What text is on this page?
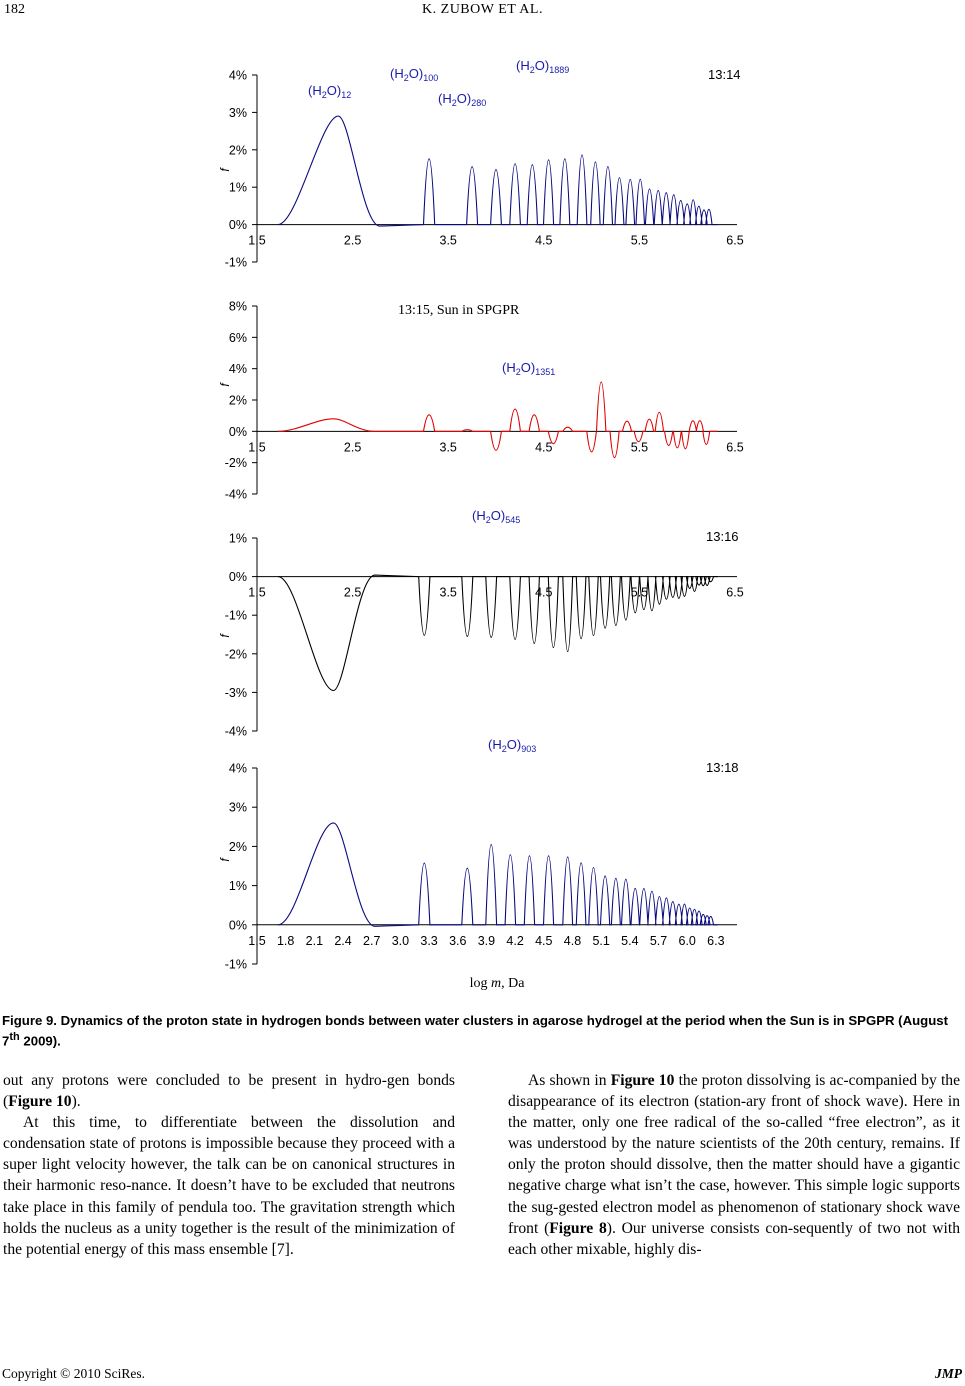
182	K. ZUBOW ET AL.
4%
3%
2%
1%
0%
-1%
1.5	2.5	3.5	4.5	5.5	6.5
f
13:14
$(H_2O)_{12}$
$(H_2O)_{100}$
$(H_2O)_{280}$
$(H_2O)_{1889}$
8%
6%
4%
2%
0%
-2%
-4%
1.5	2.5	3.5	4.5	5.5	6.5
f
13:15, Sun in SPGPR
$(H_2O)_{1351}$
$(H_2O)_{545}$
1%
0%
-1%
-2%
-3%
-4%
1.5	2.5	3.5	4.5	5.5	6.5
f
13:16
4%
3%
2%
1%
0%
-1%
1.5 1.8 2.1 2.4 2.7 3.0 3.3 3.6 3.9 4.2 4.5 4.8 5.1 5.4 5.7 6.0 6.3
f
13:18
$(H_2O)_{903}$
log m, Da
Figure 9. Dynamics of the proton state in hydrogen bonds between water clusters in agarose hydrogel at the period when the Sun is in SPGPR (August 7th 2009).

out any protons were concluded to be present in hydro-gen bonds (Figure 10).

At this time, to differentiate between the dissolution and condensation state of protons is impossible because they proceed with a super light velocity however, the talk can be on canonical structures in their harmonic reso-nance. It doesn’t have to be excluded that neutrons take place in this family of pendula too. The gravitation strength which holds the nucleus as a unity together is the result of the minimization of the potential energy of this mass ensemble [7].

As shown in Figure 10 the proton dissolving is ac-companied by the disappearance of its electron (station-ary front of shock wave). Here in the matter, only one free radical of the so-called “free electron”, as it was understood by the nature scientists of the 20th century, remains. If only the proton should dissolve, then the matter should have a gigantic negative charge what isn’t the case, however. This simple logic supports the sug-gested electron model as phenomenon of stationary shock wave front (Figure 8). Our universe consists con-sequently of two not with each other mixable, highly dis-

Copyright © 2010 SciRes.	JMP
